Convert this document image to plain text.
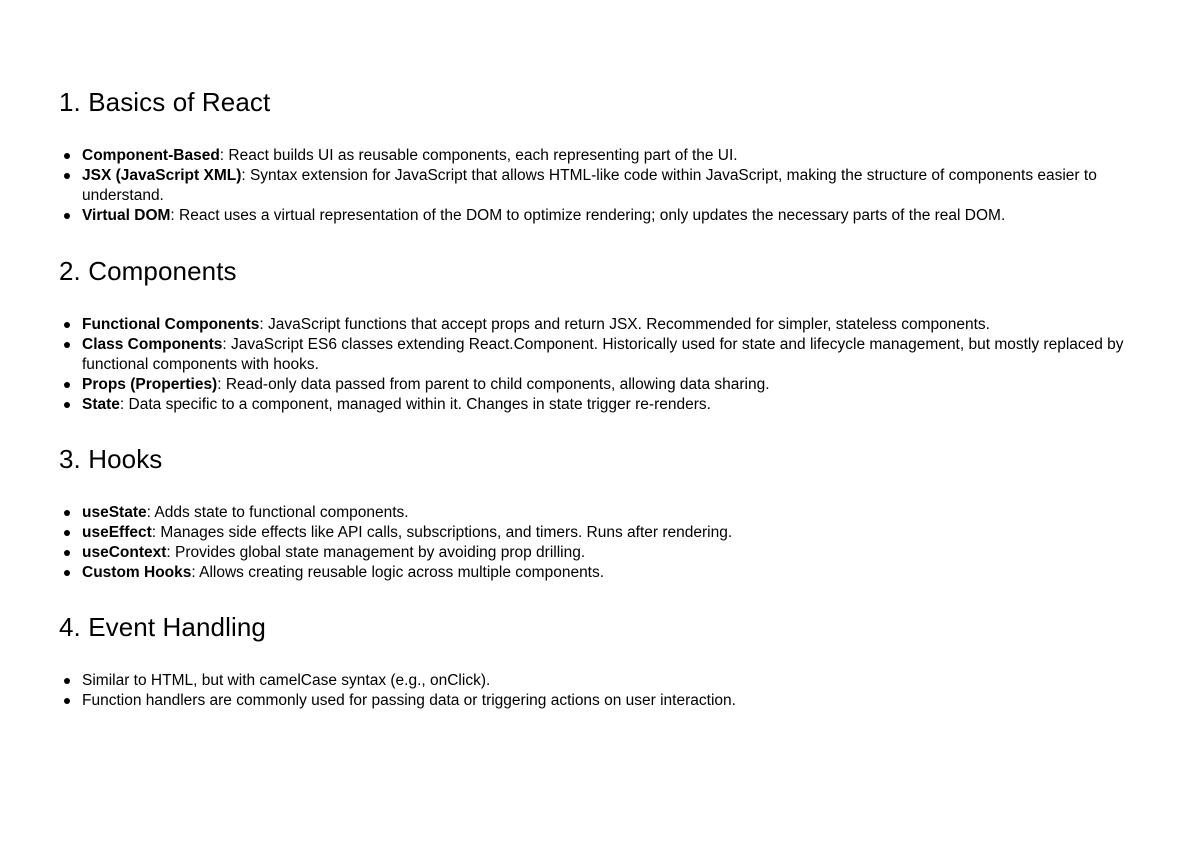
1. Basics of React
Component-Based: React builds UI as reusable components, each representing part of the UI.
JSX (JavaScript XML): Syntax extension for JavaScript that allows HTML-like code within JavaScript, making the structure of components easier to understand.
Virtual DOM: React uses a virtual representation of the DOM to optimize rendering; only updates the necessary parts of the real DOM.
2. Components
Functional Components: JavaScript functions that accept props and return JSX. Recommended for simpler, stateless components.
Class Components: JavaScript ES6 classes extending React.Component. Historically used for state and lifecycle management, but mostly replaced by functional components with hooks.
Props (Properties): Read-only data passed from parent to child components, allowing data sharing.
State: Data specific to a component, managed within it. Changes in state trigger re-renders.
3. Hooks
useState: Adds state to functional components.
useEffect: Manages side effects like API calls, subscriptions, and timers. Runs after rendering.
useContext: Provides global state management by avoiding prop drilling.
Custom Hooks: Allows creating reusable logic across multiple components.
4. Event Handling
Similar to HTML, but with camelCase syntax (e.g., onClick).
Function handlers are commonly used for passing data or triggering actions on user interaction.
